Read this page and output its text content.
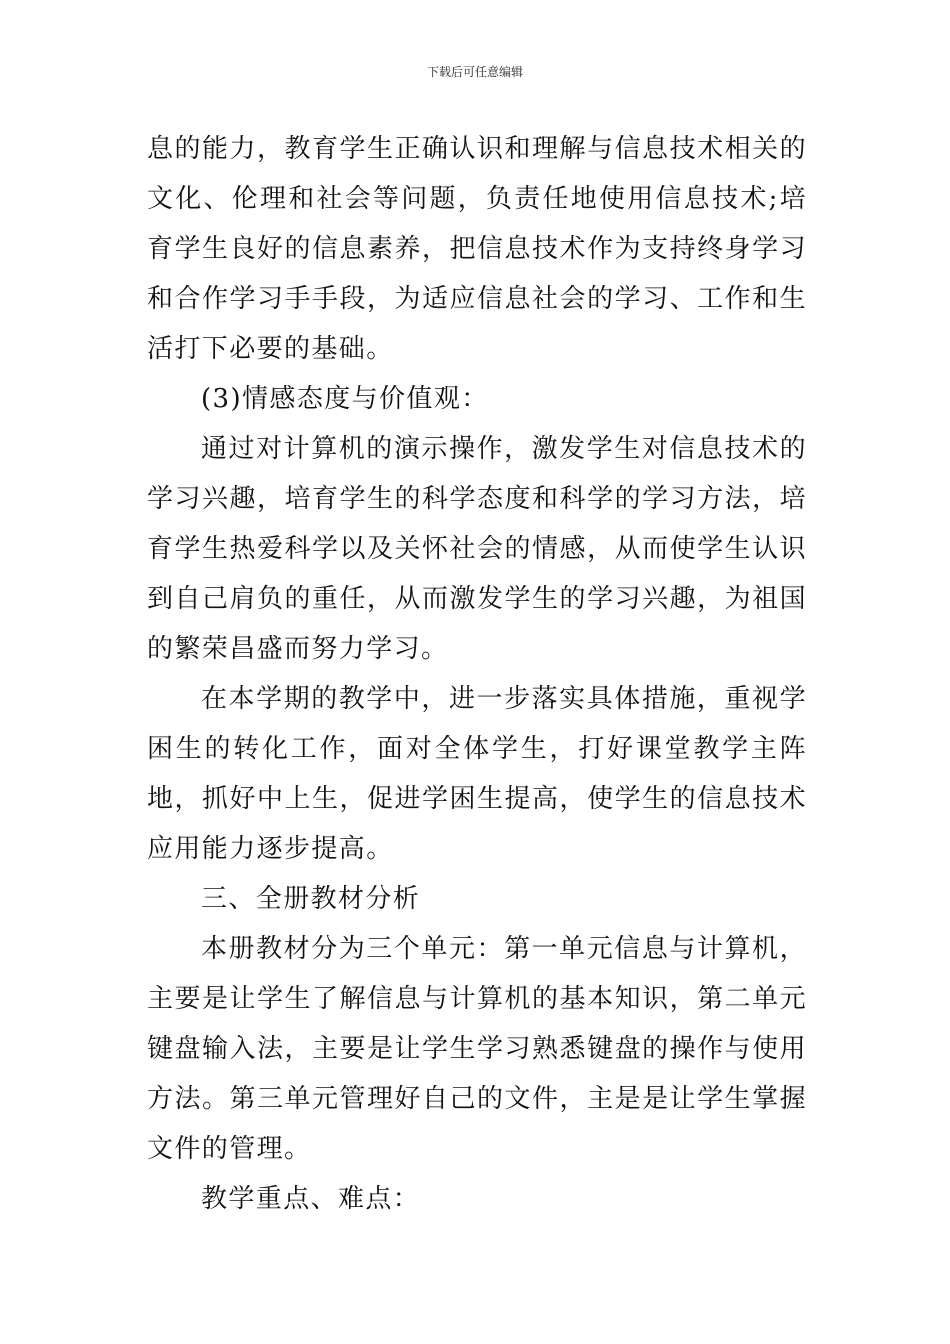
下载后可任意编辑

息的能力，教育学生正确认识和理解与信息技术相关的文化、伦理和社会等问题，负责任地使用信息技术;培育学生良好的信息素养，把信息技术作为支持终身学习和合作学习手手段，为适应信息社会的学习、工作和生活打下必要的基础。

(3)情感态度与价值观：

通过对计算机的演示操作，激发学生对信息技术的学习兴趣，培育学生的科学态度和科学的学习方法，培育学生热爱科学以及关怀社会的情感，从而使学生认识到自己肩负的重任，从而激发学生的学习兴趣，为祖国的繁荣昌盛而努力学习。

在本学期的教学中，进一步落实具体措施，重视学困生的转化工作，面对全体学生，打好课堂教学主阵地，抓好中上生，促进学困生提高，使学生的信息技术应用能力逐步提高。

三、全册教材分析

本册教材分为三个单元：第一单元信息与计算机，主要是让学生了解信息与计算机的基本知识，第二单元键盘输入法，主要是让学生学习熟悉键盘的操作与使用方法。第三单元管理好自己的文件，主是是让学生掌握文件的管理。

教学重点、难点：
